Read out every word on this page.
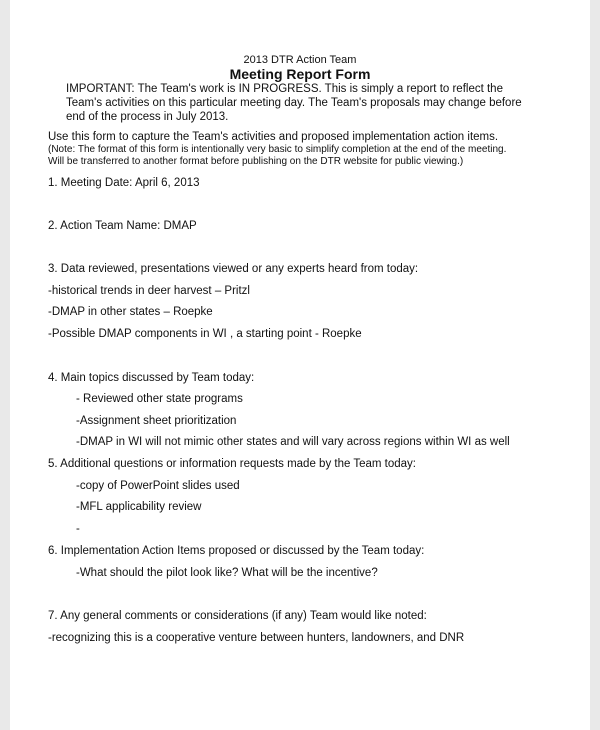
2013 DTR Action Team
Meeting Report Form
IMPORTANT: The Team's work is IN PROGRESS. This is simply a report to reflect the
Team's activities on this particular meeting day. The Team's proposals may change before
end of the process in July 2013.
Use this form to capture the Team's activities and proposed implementation action items.
(Note: The format of this form is intentionally very basic to simplify completion at the end of the meeting.
Will be transferred to another format before publishing on the DTR website for public viewing.)
1. Meeting Date: April 6, 2013
2. Action Team Name: DMAP
3. Data reviewed, presentations viewed or any experts heard from today:
-historical trends in deer harvest – Pritzl
-DMAP in other states – Roepke
-Possible DMAP components in WI , a starting point - Roepke
4. Main topics discussed by Team today:
- Reviewed other state programs
-Assignment sheet prioritization
-DMAP in WI will not mimic other states and will vary across regions within WI as well
5. Additional questions or information requests made by the Team today:
-copy of PowerPoint slides used
-MFL applicability review
-
6. Implementation Action Items proposed or discussed by the Team today:
-What should the pilot look like? What will be the incentive?
7. Any general comments or considerations (if any) Team would like noted:
-recognizing this is a cooperative venture between hunters, landowners, and DNR
